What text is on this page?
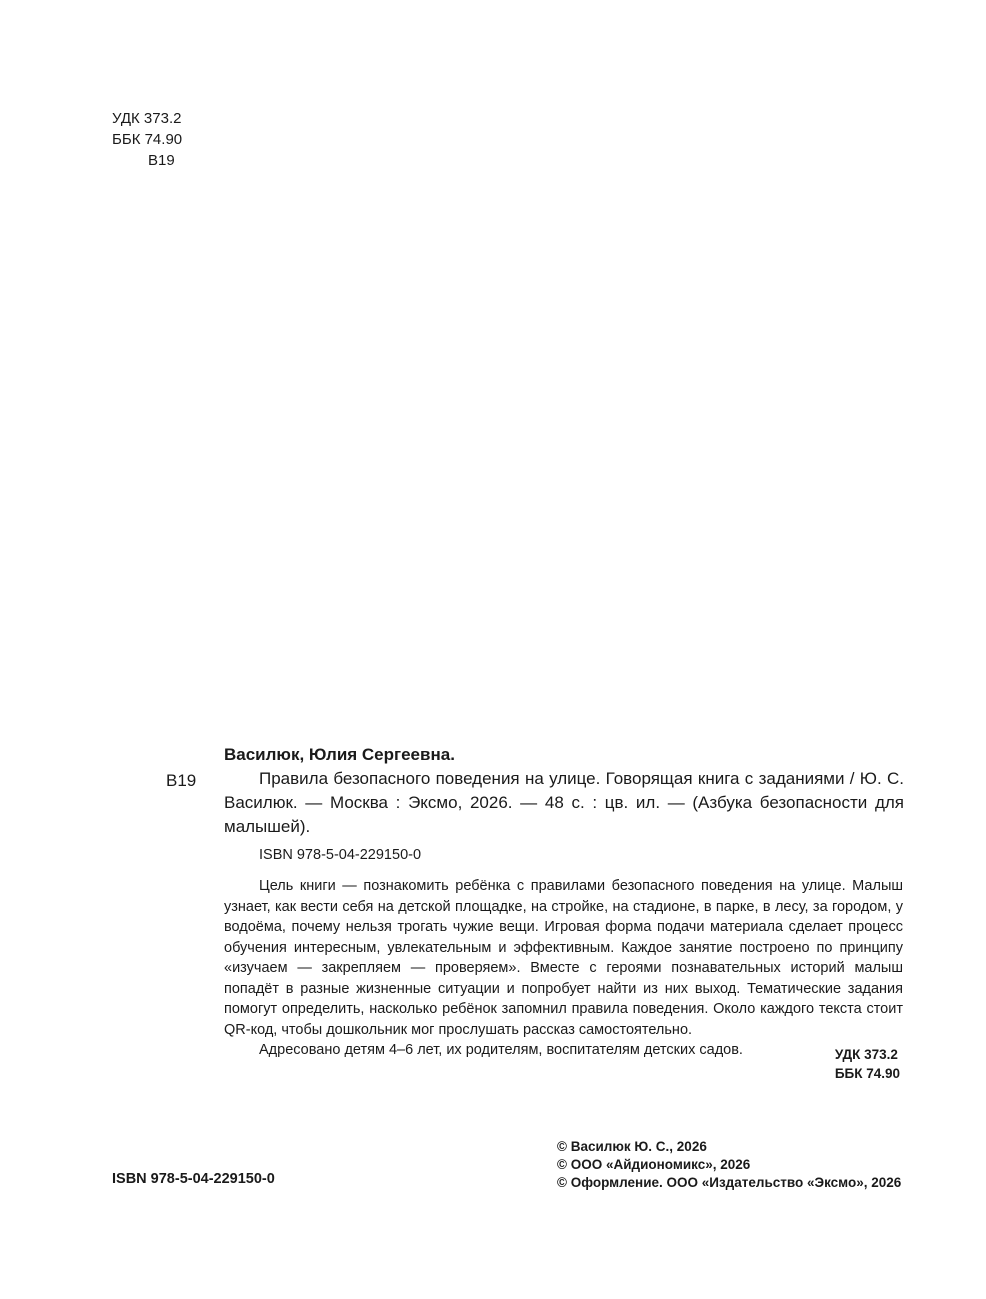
УДК 373.2
ББК 74.90
В19
Василюк, Юлия Сергеевна.
В19	Правила безопасного поведения на улице. Говорящая книга с заданиями / Ю. С. Василюк. — Москва : Эксмо, 2026. — 48 с. : цв. ил. — (Азбука безопасности для малышей).
ISBN 978-5-04-229150-0

Цель книги — познакомить ребёнка с правилами безопасного поведения на улице. Малыш узнает, как вести себя на детской площадке, на стройке, на стадионе, в парке, в лесу, за городом, у водоёма, почему нельзя трогать чужие вещи. Игровая форма подачи материала сделает процесс обучения интересным, увлекательным и эффективным. Каждое занятие построено по принципу «изучаем — закрепляем — проверяем». Вместе с героями познавательных историй малыш попадёт в разные жизненные ситуации и попробует найти из них выход. Тематические задания помогут определить, насколько ребёнок запомнил правила поведения. Около каждого текста стоит QR-код, чтобы дошкольник мог прослушать рассказ самостоятельно.

Адресовано детям 4–6 лет, их родителям, воспитателям детских садов.	УДК 373.2
ББК 74.90
ISBN 978-5-04-229150-0
© Василюк Ю. С., 2026
© ООО «Айдиономикс», 2026
© Оформление. ООО «Издательство «Эксмо», 2026
